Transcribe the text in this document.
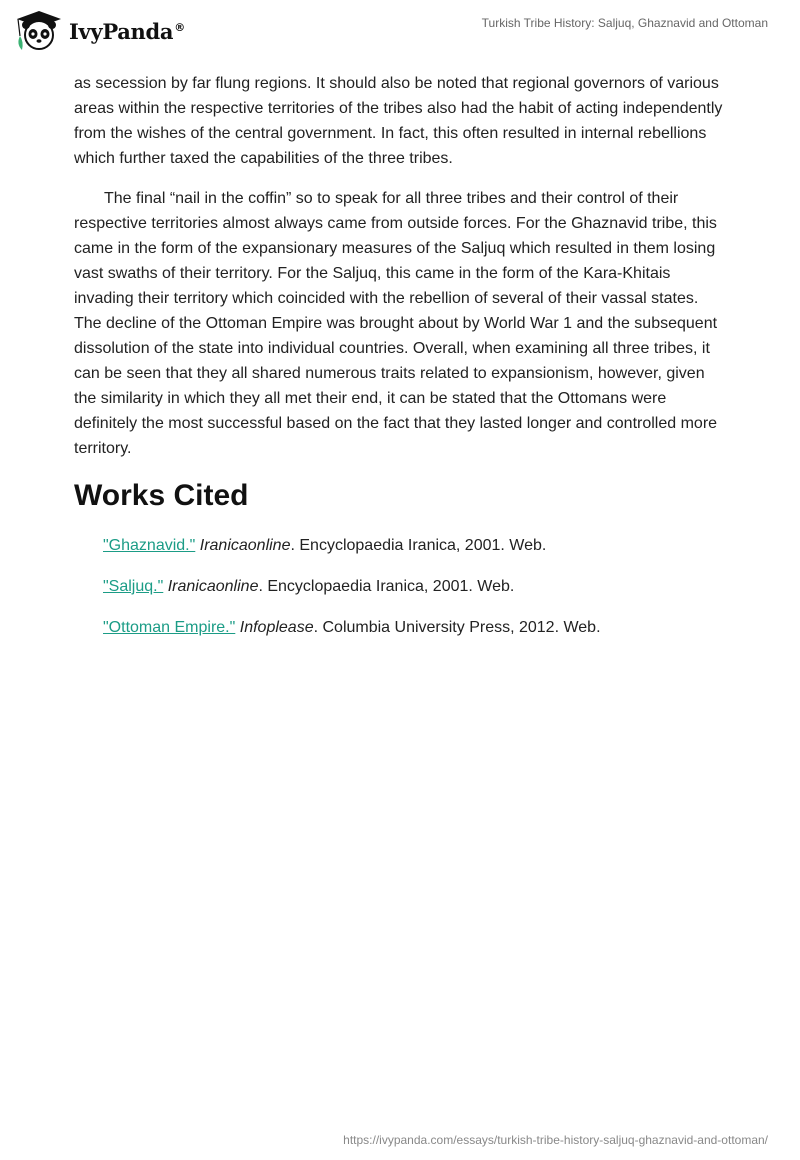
IvyPanda®	Turkish Tribe History: Saljuq, Ghaznavid and Ottoman

as secession by far flung regions. It should also be noted that regional governors of various areas within the respective territories of the tribes also had the habit of acting independently from the wishes of the central government. In fact, this often resulted in internal rebellions which further taxed the capabilities of the three tribes.

The final “nail in the coffin” so to speak for all three tribes and their control of their respective territories almost always came from outside forces. For the Ghaznavid tribe, this came in the form of the expansionary measures of the Saljuq which resulted in them losing vast swaths of their territory. For the Saljuq, this came in the form of the Kara-Khitais invading their territory which coincided with the rebellion of several of their vassal states. The decline of the Ottoman Empire was brought about by World War 1 and the subsequent dissolution of the state into individual countries. Overall, when examining all three tribes, it can be seen that they all shared numerous traits related to expansionism, however, given the similarity in which they all met their end, it can be stated that the Ottomans were definitely the most successful based on the fact that they lasted longer and controlled more territory.

Works Cited
"Ghaznavid." Iranicaonline. Encyclopaedia Iranica, 2001. Web.
"Saljuq." Iranicaonline. Encyclopaedia Iranica, 2001. Web.
"Ottoman Empire." Infoplease. Columbia University Press, 2012. Web.
https://ivypanda.com/essays/turkish-tribe-history-saljuq-ghaznavid-and-ottoman/
